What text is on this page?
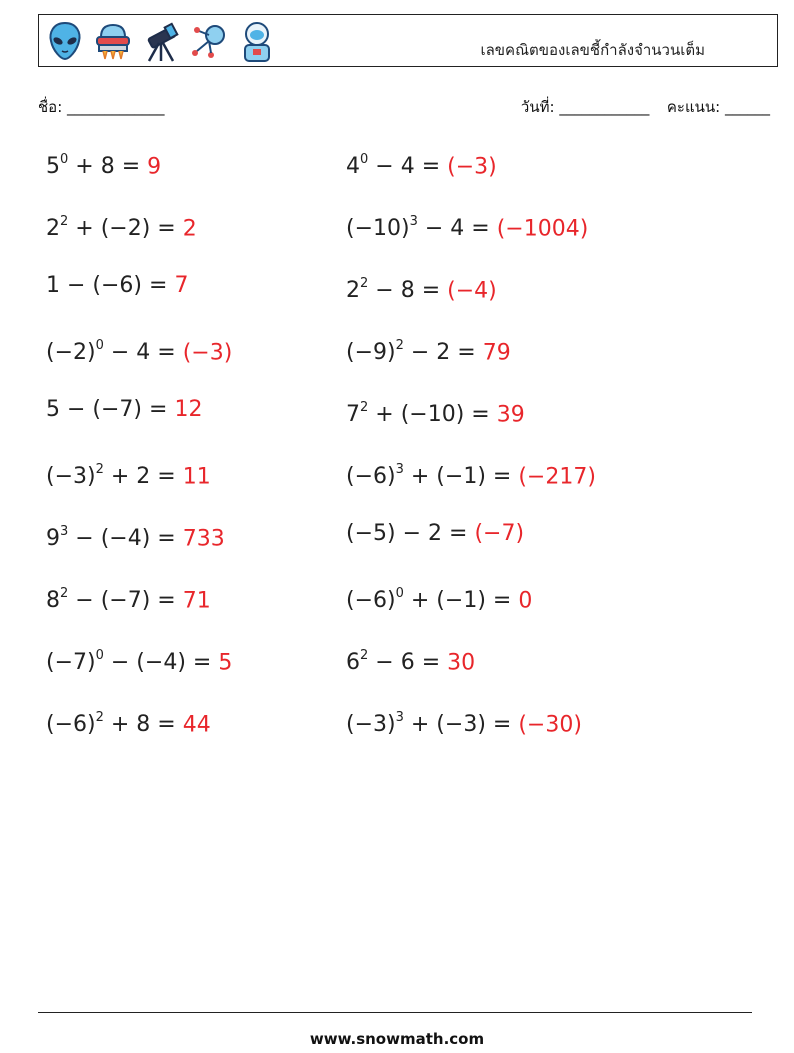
เลขคณิตของเลขชี้กำลังจำนวนเต็ม
ชื่อ: _____________	วันที่: ____________ คะแนน: ______
$5^0 + 8 = 9$
$2^2 + (-2) = 2$
1 − (−6) = 7
$(-2)^0 - 4 = (-3)$
5 − (−7) = 12
$(-3)^2 + 2 = 11$
$9^3 - (-4) = 733$
$8^2 - (-7) = 71$
$(-7)^0 - (-4) = 5$
$(-6)^2 + 8 = 44$
$4^0 - 4 = (-3)$
$(-10)^3 - 4 = (-1004)$
$2^2 - 8 = (-4)$
$(-9)^2 - 2 = 79$
$7^2 + (-10) = 39$
$(-6)^3 + (-1) = (-217)$
(−5) − 2 = (−7)
$(-6)^0 + (-1) = 0$
$6^2 - 6 = 30$
$(-3)^3 + (-3) = (-30)$
www.snowmath.com
